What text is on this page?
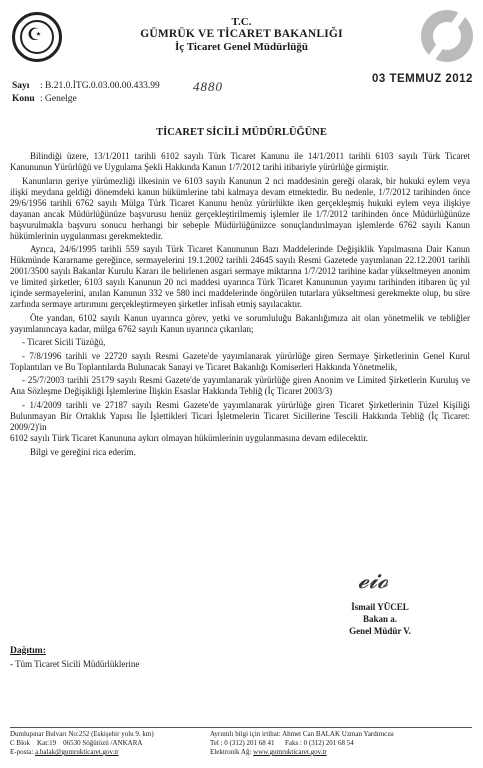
☪
T.C.
GÜMRÜK VE TİCARET BAKANLIĞI
İç Ticaret Genel Müdürlüğü
Sayı : B.21.0.İTG.0.03.00.00.433.99
Konu : Genelge
4880	03 TEMMUZ 2012
TİCARET SİCİLİ MÜDÜRLÜĞÜNE

Bilindiği üzere, 13/1/2011 tarihli 6102 sayılı Türk Ticaret Kanunu ile 14/1/2011 tarihli 6103 sayılı Türk Ticaret Kanununun Yürürlüğü ve Uygulama Şekli Hakkında Kanun 1/7/2012 tarihi itibariyle yürürlüğe girmiştir.

Kanunların geriye yürümezliği ilkesinin ve 6103 sayılı Kanunun 2 nci maddesinin gereği olarak, bir hukuki eylem veya ilişki meydana geldiği dönemdeki kanun hükümlerine tabi kalmaya devam etmektedir. Bu nedenle, 1/7/2012 tarihinden önce 29/6/1956 tarihli 6762 sayılı Mülga Türk Ticaret Kanunu henüz yürürlükte iken gerçekleşmiş hukuki eylem veya ilişkiye dayanan ancak Müdürlüğünüze başvurusu henüz gerçekleştirilmemiş işlemler ile 1/7/2012 tarihinden önce Müdürlüğünüze başvurulmakla başvuru sonucu herhangi bir sebeple Müdürlüğünüzce sonuçlandırılmayan işlemlerde 6762 sayılı Kanun hükümlerinin uygulanması gerekmektedir.

Ayrıca, 24/6/1995 tarihli 559 sayılı Türk Ticaret Kanununun Bazı Maddelerinde Değişiklik Yapılmasına Dair Kanun Hükmünde Kararname gereğince, sermayelerini 19.1.2002 tarihli 24645 sayılı Resmi Gazetede yayımlanan 22.12.2001 tarihli 2001/3500 sayılı Bakanlar Kurulu Kararı ile belirlenen asgari sermaye miktarına 1/7/2012 tarihine kadar yükseltmeyen anonim ve limited şirketler, 6103 sayılı Kanunun 20 nci maddesi uyarınca Türk Ticaret Kanununun yayımı tarihinden itibaren üç yıl içinde sermayelerini, anılan Kanunun 332 ve 580 inci maddelerinde öngörülen tutarlara yükseltmesi gerekmekte olup, bu süre zarfında sermaye artırımını gerçekleştirmeyen şirketler infisah etmiş sayılacaktır.

Öte yandan, 6102 sayılı Kanun uyarınca görev, yetki ve sorumluluğu Bakanlığımıza ait olan yönetmelik ve tebliğler yayımlanıncaya kadar, mülga 6762 sayılı Kanun uyarınca çıkarılan;

- Ticaret Sicili Tüzüğü,

- 7/8/1996 tarihli ve 22720 sayılı Resmi Gazete'de yayımlanarak yürürlüğe giren Sermaye Şirketlerinin Genel Kurul Toplantıları ve Bu Toplantılarda Bulunacak Sanayi ve Ticaret Bakanlığı Komiserleri Hakkında Yönetmelik,

- 25/7/2003 tarihli 25179 sayılı Resmi Gazete'de yayımlanarak yürürlüğe giren Anonim ve Limited Şirketlerin Kuruluş ve Ana Sözleşme Değişikliği İşlemlerine İlişkin Esaslar Hakkında Tebliğ (İç Ticaret 2003/3)

- 1/4/2009 tarihli ve 27187 sayılı Resmi Gazete'de yayımlanarak yürürlüğe giren Ticaret Şirketlerinin Tüzel Kişiliği Bulunmayan Bir Ortaklık Yapısı İle İşlettikleri Ticari İşletmelerin Ticaret Sicillerine Tescili Hakkında Tebliğ (İç Ticaret: 2009/2)'in

6102 sayılı Türk Ticaret Kanununa aykırı olmayan hükümlerinin uygulanmasına devam edilecektir.

Bilgi ve gereğini rica ederim.

𝓮𝓲𝓸
İsmail YÜCEL
Bakan a.
Genel Müdür V.
Dağıtım:
- Tüm Ticaret Sicili Müdürlüklerine
Dumlupınar Bulvarı No:252 (Eskişehir yolu 9. km)
C Blok    Kat:19    06530 Söğütözü /ANKARA
E-posta: a.balak@gumrukticaret.gov.tr
Ayrıntılı bilgi için irtibat: Ahmet Can BALAK Uzman Yardımcısı
Tel : 0 (312) 201 68 41 Faks : 0 (312) 201 68 54
Elektronik Ağ: www.gumrukticaret.gov.tr
